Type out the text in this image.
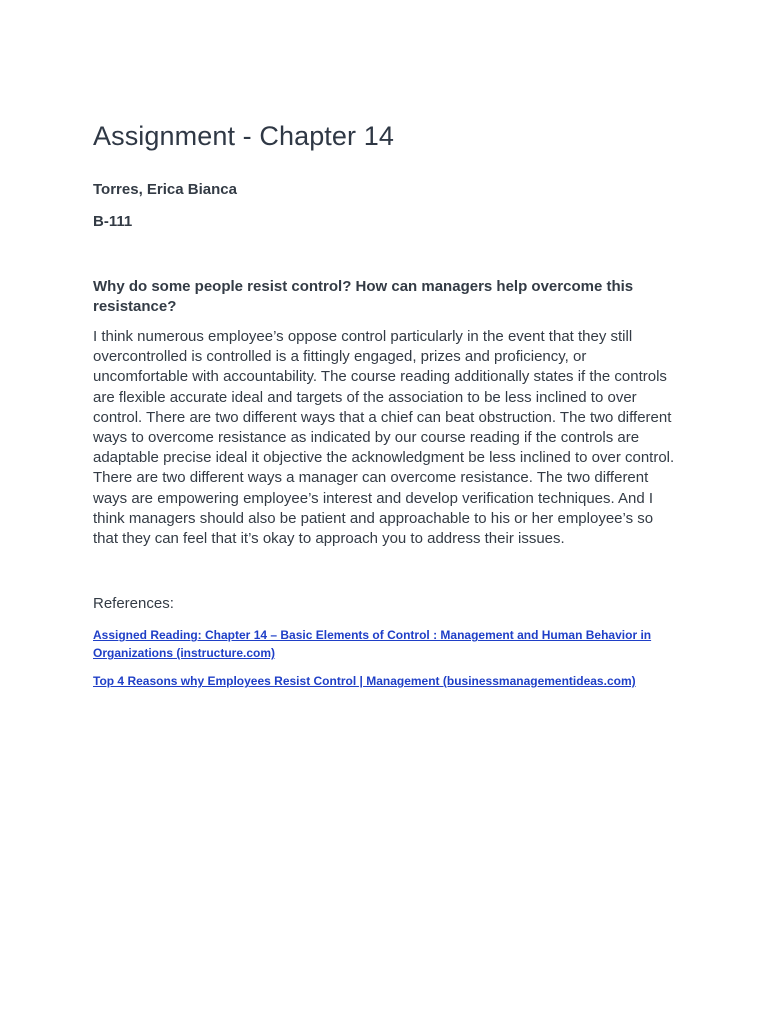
Assignment - Chapter 14

Torres, Erica Bianca

B-111

Why do some people resist control? How can managers help overcome this resistance?

I think numerous employee’s oppose control particularly in the event that they still overcontrolled is controlled is a fittingly engaged, prizes and proficiency, or uncomfortable with accountability. The course reading additionally states if the controls are flexible accurate ideal and targets of the association to be less inclined to over control. There are two different ways that a chief can beat obstruction. The two different ways to overcome resistance as indicated by our course reading if the controls are adaptable precise ideal it objective the acknowledgment be less inclined to over control. There are two different ways a manager can overcome resistance. The two different ways are empowering employee’s interest and develop verification techniques. And I think managers should also be patient and approachable to his or her employee’s so that they can feel that it’s okay to approach you to address their issues.

References:

Assigned Reading: Chapter 14 – Basic Elements of Control : Management and Human Behavior in Organizations (instructure.com)
Top 4 Reasons why Employees Resist Control | Management (businessmanagementideas.com)
